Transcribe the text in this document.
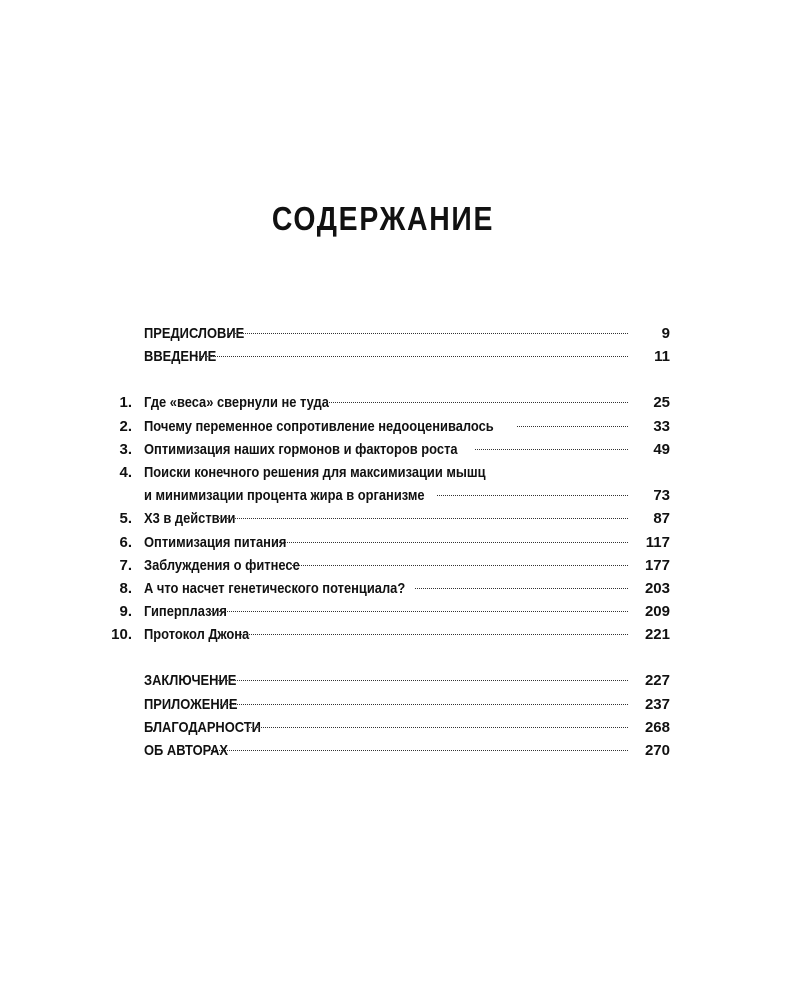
СОДЕРЖАНИЕ
ПРЕДИСЛОВИЕ	9
ВВЕДЕНИЕ	11
1. Где «веса» свернули не туда	25
2. Почему переменное сопротивление недооценивалось	33
3. Оптимизация наших гормонов и факторов роста	49
4. Поиски конечного решения для максимизации мышц
и минимизации процента жира в организме	73
5. Х3 в действии	87
6. Оптимизация питания	117
7. Заблуждения о фитнесе	177
8. А что насчет генетического потенциала?	203
9. Гиперплазия	209
10. Протокол Джона	221
ЗАКЛЮЧЕНИЕ	227
ПРИЛОЖЕНИЕ	237
БЛАГОДАРНОСТИ	268
ОБ АВТОРАХ	270
